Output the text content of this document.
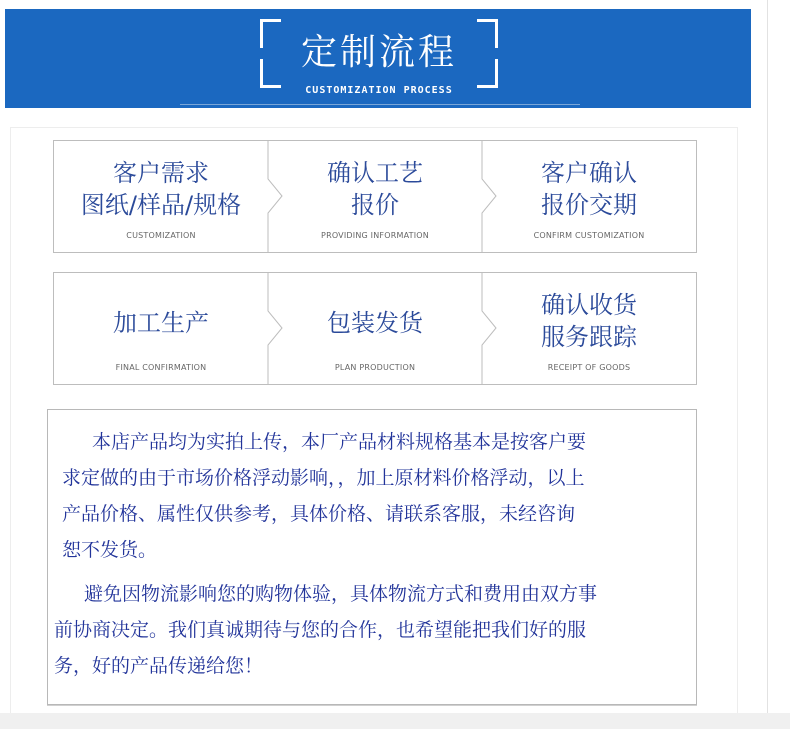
定制流程
CUSTOMIZATION PROCESS
客户需求
图纸/样品/规格
CUSTOMIZATION
确认工艺
报价
PROVIDING INFORMATION
客户确认
报价交期
CONFIRM CUSTOMIZATION
加工生产
FINAL CONFIRMATION
包装发货
PLAN PRODUCTION
确认收货
服务跟踪
RECEIPT OF GOODS

本店产品均为实拍上传，本厂产品材料规格基本是按客户要

求定做的由于市场价格浮动影响，，加上原材料价格浮动，以上

产品价格、属性仅供参考，具体价格、请联系客服，未经咨询

恕不发货。

避免因物流影响您的购物体验，具体物流方式和费用由双方事

前协商决定。我们真诚期待与您的合作，也希望能把我们好的服

务，好的产品传递给您！
